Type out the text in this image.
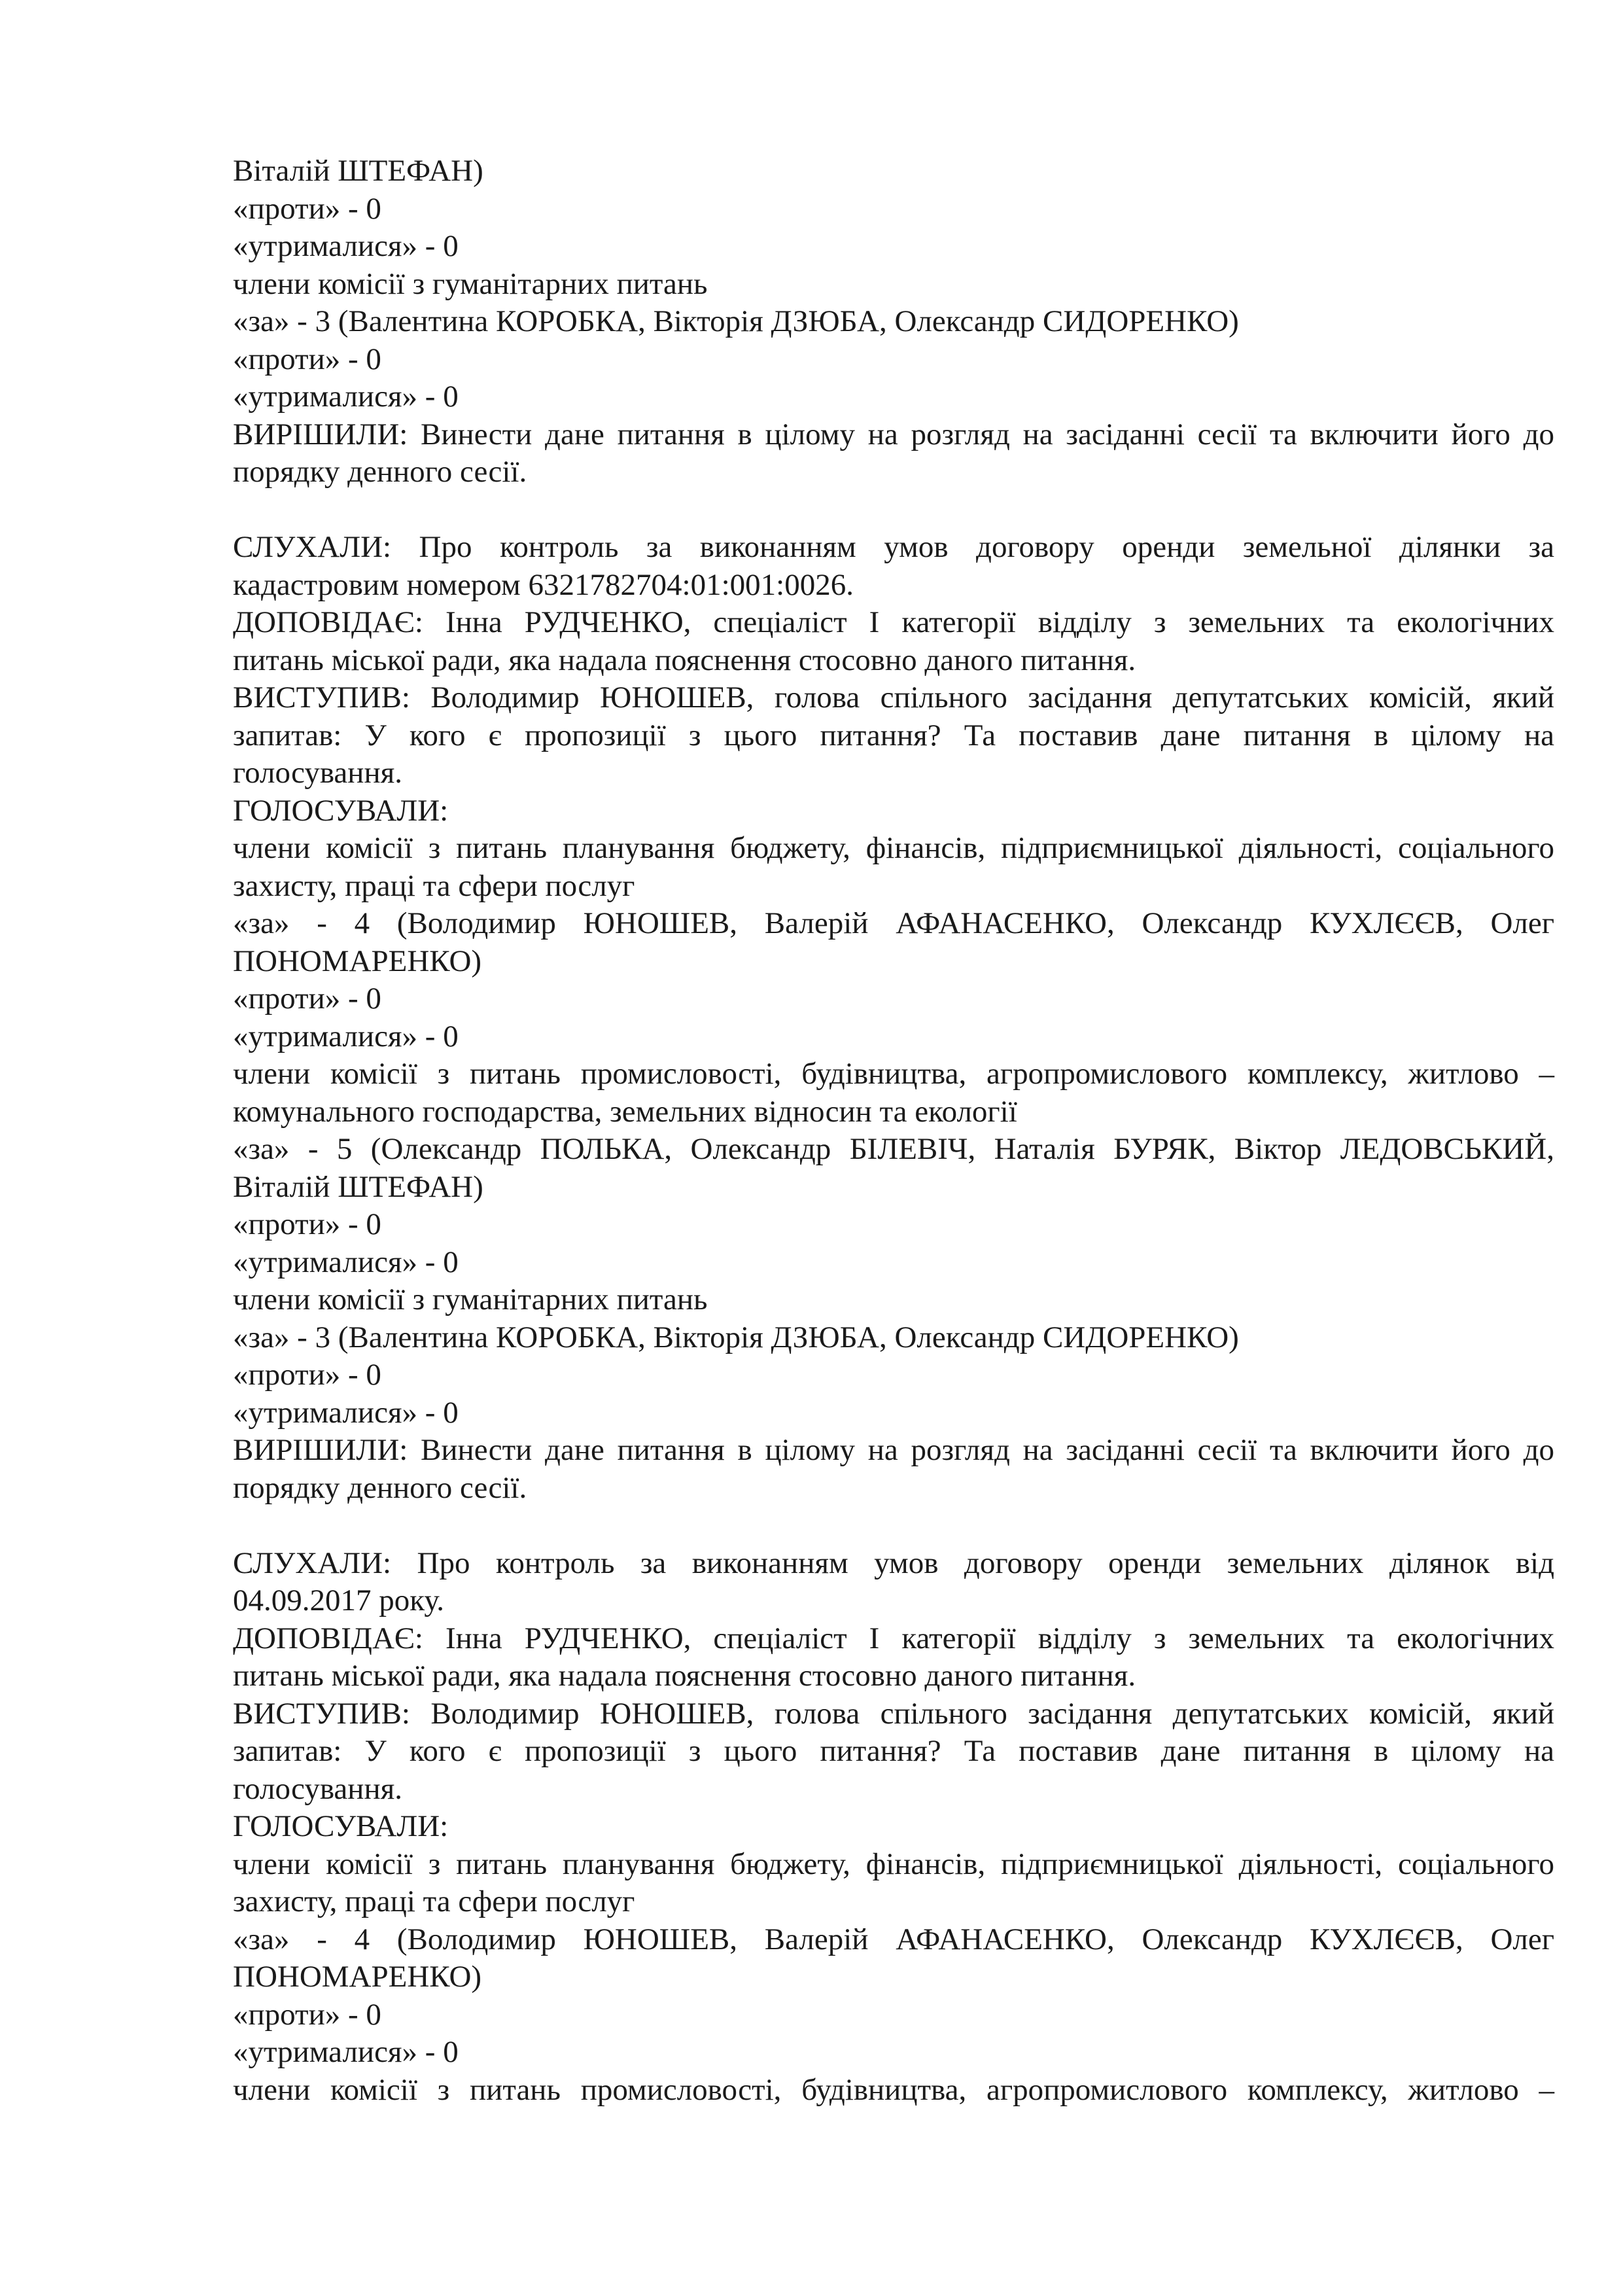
Віталій ШТЕФАН)
«проти» - 0
«утрималися» - 0
члени комісії з гуманітарних питань
«за» - 3 (Валентина КОРОБКА, Вікторія ДЗЮБА, Олександр СИДОРЕНКО)
«проти» - 0
«утрималися» - 0
ВИРІШИЛИ: Винести дане питання в цілому на розгляд на засіданні сесії та включити його до
порядку денного сесії.
СЛУХАЛИ: Про контроль за виконанням умов договору оренди земельної ділянки за
кадастровим номером 6321782704:01:001:0026.
ДОПОВІДАЄ: Інна РУДЧЕНКО, спеціаліст І категорії відділу з земельних та екологічних
питань міської ради, яка надала пояснення стосовно даного питання.
ВИСТУПИВ: Володимир ЮНОШЕВ, голова спільного засідання депутатських комісій, який
запитав: У кого є пропозиції з цього питання? Та поставив дане питання в цілому на
голосування.
ГОЛОСУВАЛИ:
члени комісії з питань планування бюджету, фінансів, підприємницької діяльності, соціального
захисту, праці та сфери послуг
«за» - 4 (Володимир ЮНОШЕВ, Валерій АФАНАСЕНКО, Олександр КУХЛЄЄВ, Олег
ПОНОМАРЕНКО)
«проти» - 0
«утрималися» - 0
члени комісії з питань промисловості, будівництва, агропромислового комплексу, житлово –
комунального господарства, земельних відносин та екології
«за» - 5 (Олександр ПОЛЬКА, Олександр БІЛЕВІЧ, Наталія БУРЯК, Віктор ЛЕДОВСЬКИЙ,
Віталій ШТЕФАН)
«проти» - 0
«утрималися» - 0
члени комісії з гуманітарних питань
«за» - 3 (Валентина КОРОБКА, Вікторія ДЗЮБА, Олександр СИДОРЕНКО)
«проти» - 0
«утрималися» - 0
ВИРІШИЛИ: Винести дане питання в цілому на розгляд на засіданні сесії та включити його до
порядку денного сесії.
СЛУХАЛИ: Про контроль за виконанням умов договору оренди земельних ділянок від
04.09.2017 року.
ДОПОВІДАЄ: Інна РУДЧЕНКО, спеціаліст І категорії відділу з земельних та екологічних
питань міської ради, яка надала пояснення стосовно даного питання.
ВИСТУПИВ: Володимир ЮНОШЕВ, голова спільного засідання депутатських комісій, який
запитав: У кого є пропозиції з цього питання? Та поставив дане питання в цілому на
голосування.
ГОЛОСУВАЛИ:
члени комісії з питань планування бюджету, фінансів, підприємницької діяльності, соціального
захисту, праці та сфери послуг
«за» - 4 (Володимир ЮНОШЕВ, Валерій АФАНАСЕНКО, Олександр КУХЛЄЄВ, Олег
ПОНОМАРЕНКО)
«проти» - 0
«утрималися» - 0
члени комісії з питань промисловості, будівництва, агропромислового комплексу, житлово –
